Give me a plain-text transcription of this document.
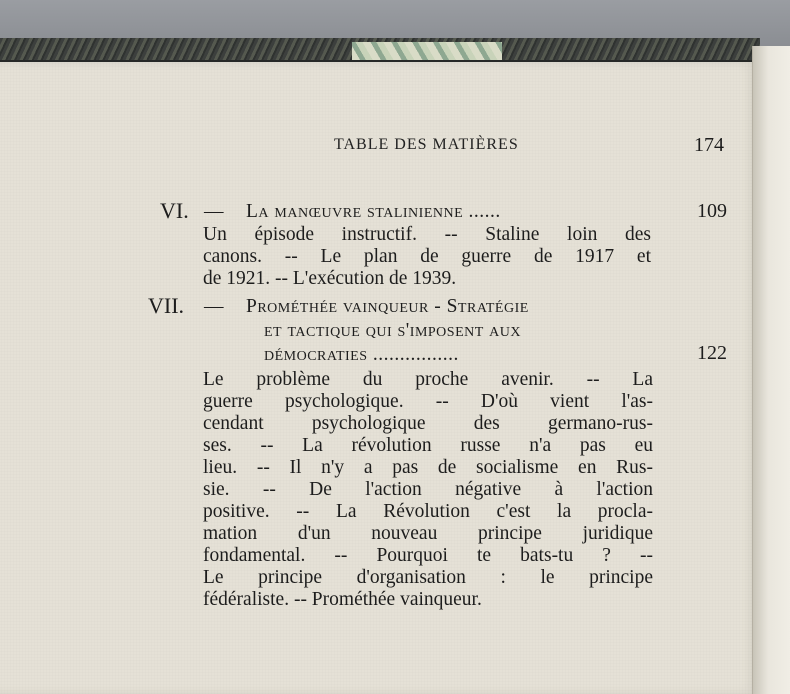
TABLE DES MATIÈRES	174
VI. — La manœuvre stalinienne ......	109
Un épisode instructif. -- Staline loin des
canons. -- Le plan de guerre de 1917 et
de 1921. -- L'exécution de 1939.
VII. — Prométhée vainqueur - Stratégie
et tactique qui s'imposent aux
démocraties ................	122
Le problème du proche avenir. -- La
guerre psychologique. -- D'où vient l'as-
cendant psychologique des germano-rus-
ses. -- La révolution russe n'a pas eu
lieu. -- Il n'y a pas de socialisme en Rus-
sie. -- De l'action négative à l'action
positive. -- La Révolution c'est la procla-
mation d'un nouveau principe juridique
fondamental. -- Pourquoi te bats-tu ? --
Le principe d'organisation : le principe
fédéraliste. -- Prométhée vainqueur.
